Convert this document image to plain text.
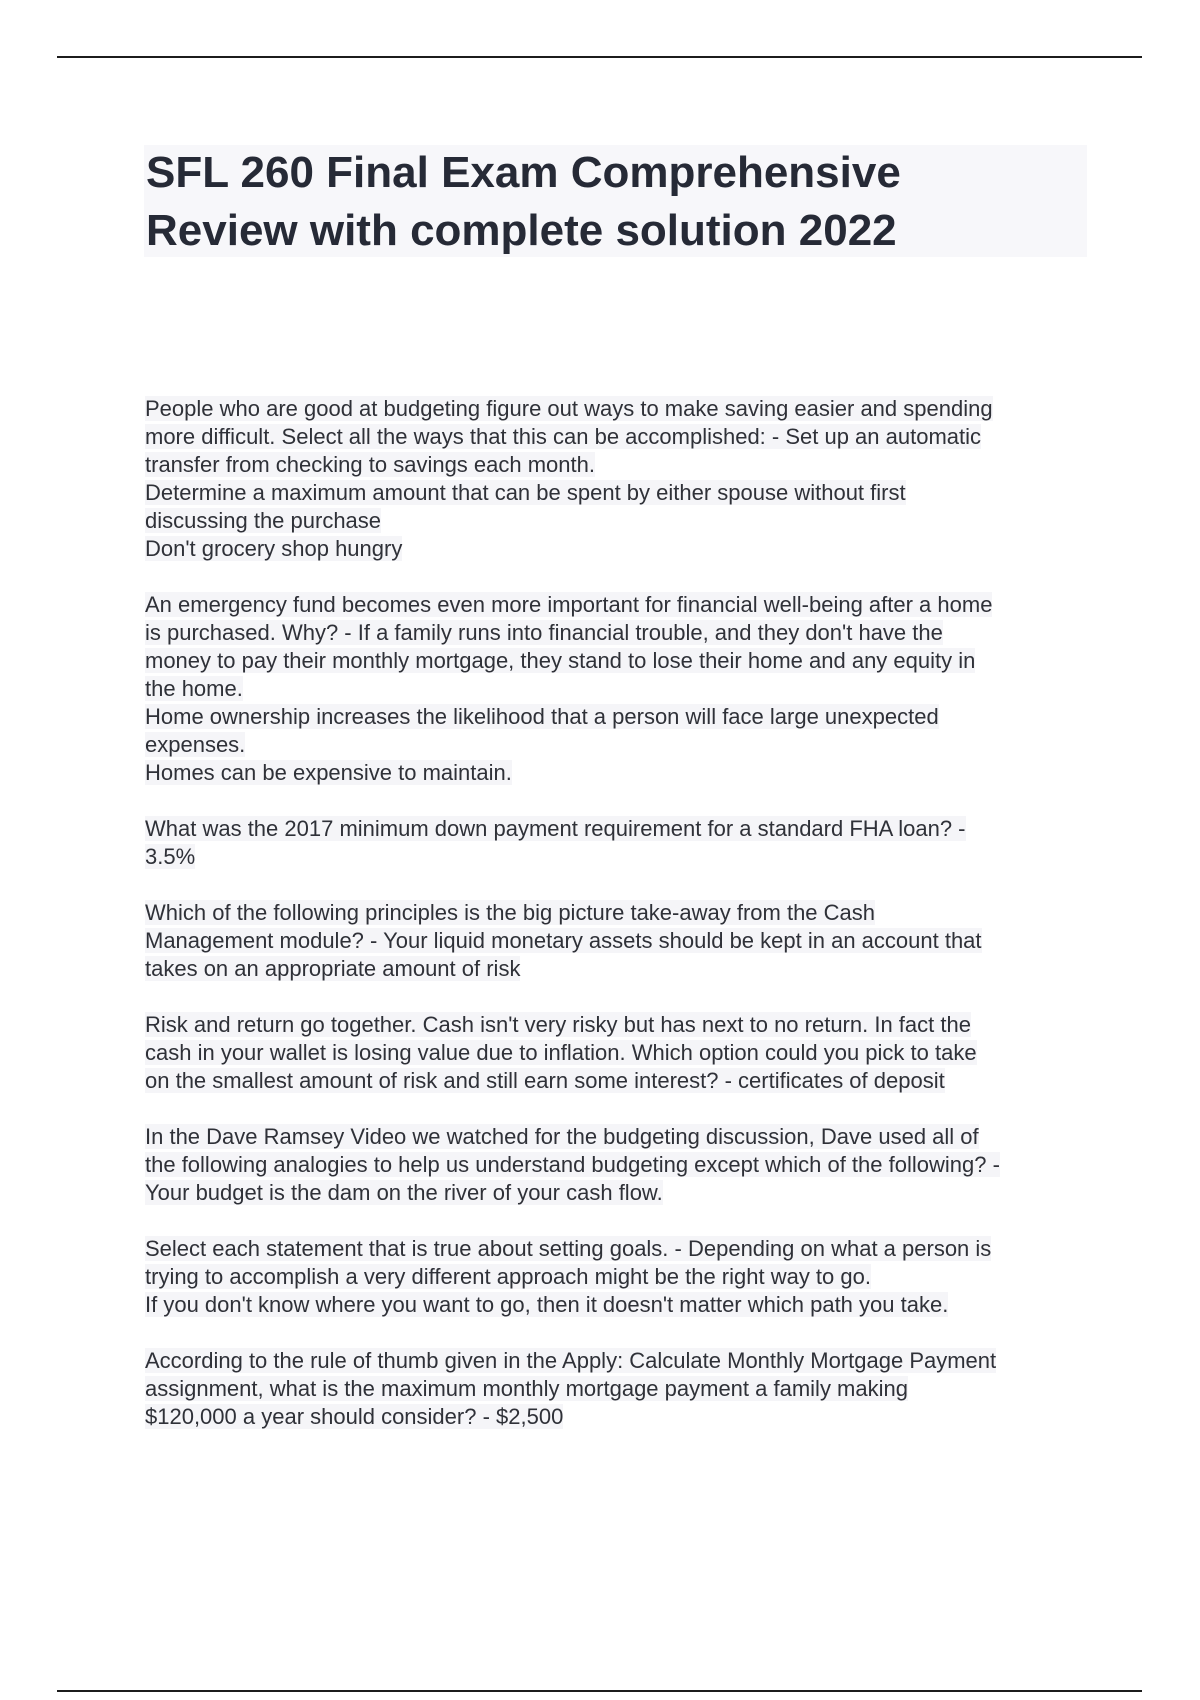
SFL 260 Final Exam Comprehensive
Review with complete solution 2022
People who are good at budgeting figure out ways to make saving easier and spending
more difficult. Select all the ways that this can be accomplished: - Set up an automatic
transfer from checking to savings each month.
Determine a maximum amount that can be spent by either spouse without first
discussing the purchase
Don't grocery shop hungry
An emergency fund becomes even more important for financial well-being after a home
is purchased. Why? - If a family runs into financial trouble, and they don't have the
money to pay their monthly mortgage, they stand to lose their home and any equity in
the home.
Home ownership increases the likelihood that a person will face large unexpected
expenses.
Homes can be expensive to maintain.
What was the 2017 minimum down payment requirement for a standard FHA loan? -
3.5%
Which of the following principles is the big picture take-away from the Cash
Management module? - Your liquid monetary assets should be kept in an account that
takes on an appropriate amount of risk
Risk and return go together. Cash isn't very risky but has next to no return. In fact the
cash in your wallet is losing value due to inflation. Which option could you pick to take
on the smallest amount of risk and still earn some interest? - certificates of deposit
In the Dave Ramsey Video we watched for the budgeting discussion, Dave used all of
the following analogies to help us understand budgeting except which of the following? -
Your budget is the dam on the river of your cash flow.
Select each statement that is true about setting goals. - Depending on what a person is
trying to accomplish a very different approach might be the right way to go.
If you don't know where you want to go, then it doesn't matter which path you take.
According to the rule of thumb given in the Apply: Calculate Monthly Mortgage Payment
assignment, what is the maximum monthly mortgage payment a family making
$120,000 a year should consider? - $2,500
